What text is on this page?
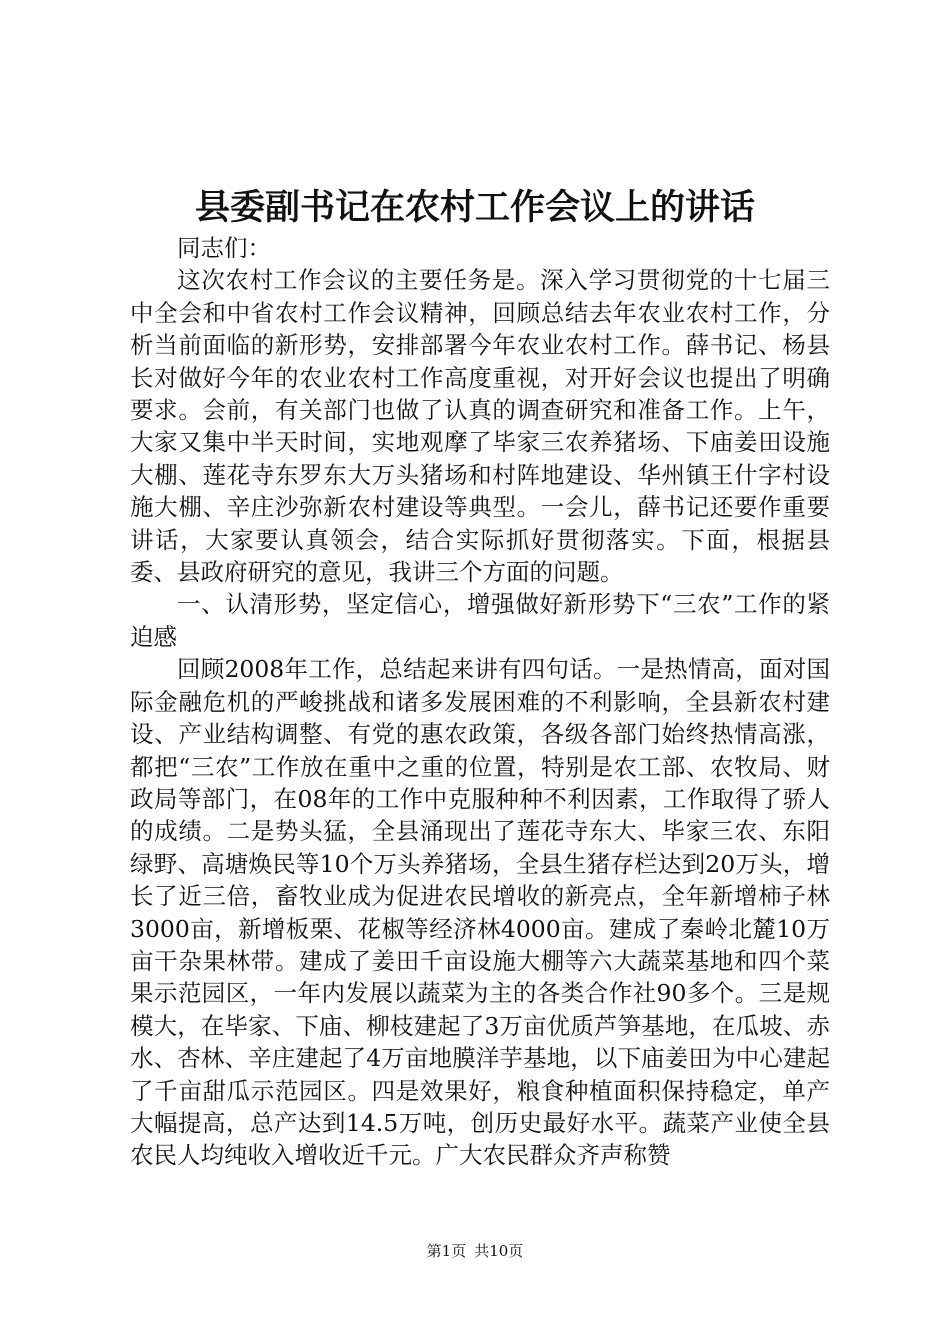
县委副书记在农村工作会议上的讲话

同志们：

这次农村工作会议的主要任务是。深入学习贯彻党的十七届三中全会和中省农村工作会议精神，回顾总结去年农业农村工作，分析当前面临的新形势，安排部署今年农业农村工作。薛书记、杨县长对做好今年的农业农村工作高度重视，对开好会议也提出了明确要求。会前，有关部门也做了认真的调查研究和准备工作。上午，大家又集中半天时间，实地观摩了毕家三农养猪场、下庙姜田设施大棚、莲花寺东罗东大万头猪场和村阵地建设、华州镇王什字村设施大棚、辛庄沙弥新农村建设等典型。一会儿，薛书记还要作重要讲话，大家要认真领会，结合实际抓好贯彻落实。下面，根据县委、县政府研究的意见，我讲三个方面的问题。

一、认清形势，坚定信心，增强做好新形势下“三农”工作的紧迫感

回顾2008年工作，总结起来讲有四句话。一是热情高，面对国际金融危机的严峻挑战和诸多发展困难的不利影响，全县新农村建设、产业结构调整、有党的惠农政策，各级各部门始终热情高涨，都把“三农”工作放在重中之重的位置，特别是农工部、农牧局、财政局等部门，在08年的工作中克服种种不利因素，工作取得了骄人的成绩。二是势头猛，全县涌现出了莲花寺东大、毕家三农、东阳绿野、高塘焕民等10个万头养猪场，全县生猪存栏达到20万头，增长了近三倍，畜牧业成为促进农民增收的新亮点，全年新增柿子林3000亩，新增板栗、花椒等经济林4000亩。建成了秦岭北麓10万亩干杂果林带。建成了姜田千亩设施大棚等六大蔬菜基地和四个菜果示范园区，一年内发展以蔬菜为主的各类合作社90多个。三是规模大，在毕家、下庙、柳枝建起了3万亩优质芦笋基地，在瓜坡、赤水、杏林、辛庄建起了4万亩地膜洋芋基地，以下庙姜田为中心建起了千亩甜瓜示范园区。四是效果好，粮食种植面积保持稳定，单产大幅提高，总产达到14.5万吨，创历史最好水平。蔬菜产业使全县农民人均纯收入增收近千元。广大农民群众齐声称赞

第1页 共10页
